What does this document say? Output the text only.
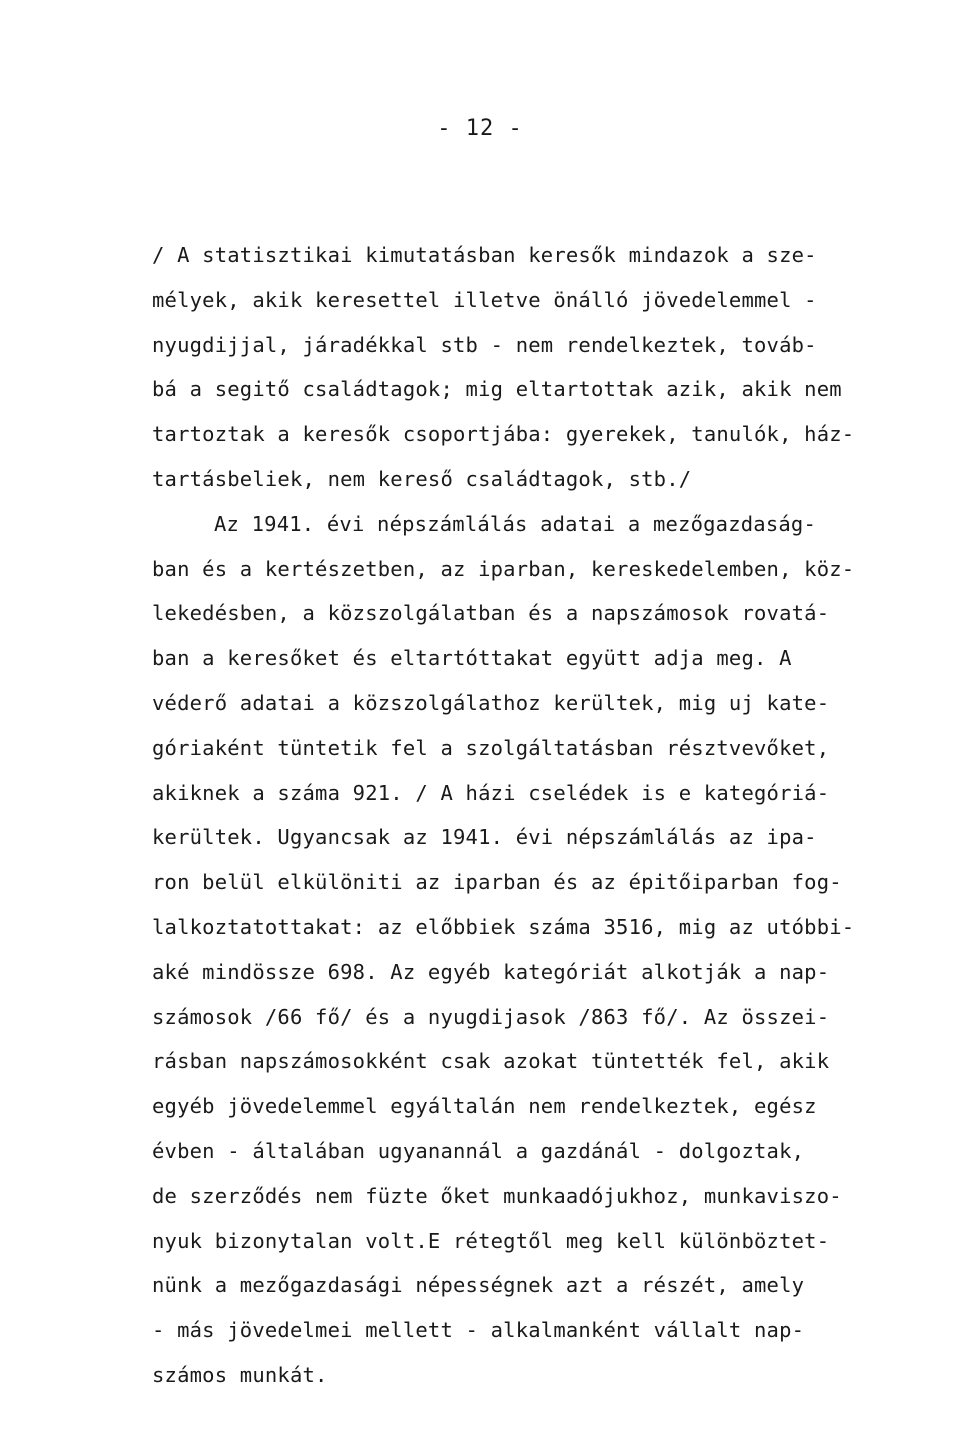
- 12 -
/ A statisztikai kimutatásban keresők mindazok a sze-
mélyek, akik keresettel illetve önálló jövedelemmel -
nyugdijjal, járadékkal stb - nem rendelkeztek, továb-
bá a segitő családtagok; mig eltartottak azik, akik nem
tartoztak a keresők csoportjába: gyerekek, tanulók, ház-
tartásbeliek, nem kereső családtagok, stb./
Az 1941. évi népszámlálás adatai a mezőgazdaság-
ban és a kertészetben, az iparban, kereskedelemben, köz-
lekedésben, a közszolgálatban és a napszámosok rovatá-
ban a keresőket és eltartóttakat együtt adja meg. A
véderő adatai a közszolgálathoz kerültek, mig uj kate-
góriaként tüntetik fel a szolgáltatásban résztvevőket,
akiknek a száma 921. / A házi cselédek is e kategóriá-
kerültek. Ugyancsak az 1941. évi népszámlálás az ipa-
ron belül elkülöniti az iparban és az épitőiparban fog-
lalkoztatottakat: az előbbiek száma 3516, mig az utóbbi-
aké mindössze 698. Az egyéb kategóriát alkotják a nap-
számosok /66 fő/ és a nyugdijasok /863 fő/. Az összei-
rásban napszámosokként csak azokat tüntették fel, akik
egyéb jövedelemmel egyáltalán nem rendelkeztek, egész
évben - általában ugyanannál a gazdánál - dolgoztak,
de szerződés nem füzte őket munkaadójukhoz, munkaviszo-
nyuk bizonytalan volt.E rétegtől meg kell különböztet-
nünk a mezőgazdasági népességnek azt a részét, amely
- más jövedelmei mellett - alkalmanként vállalt nap-
számos munkát.
